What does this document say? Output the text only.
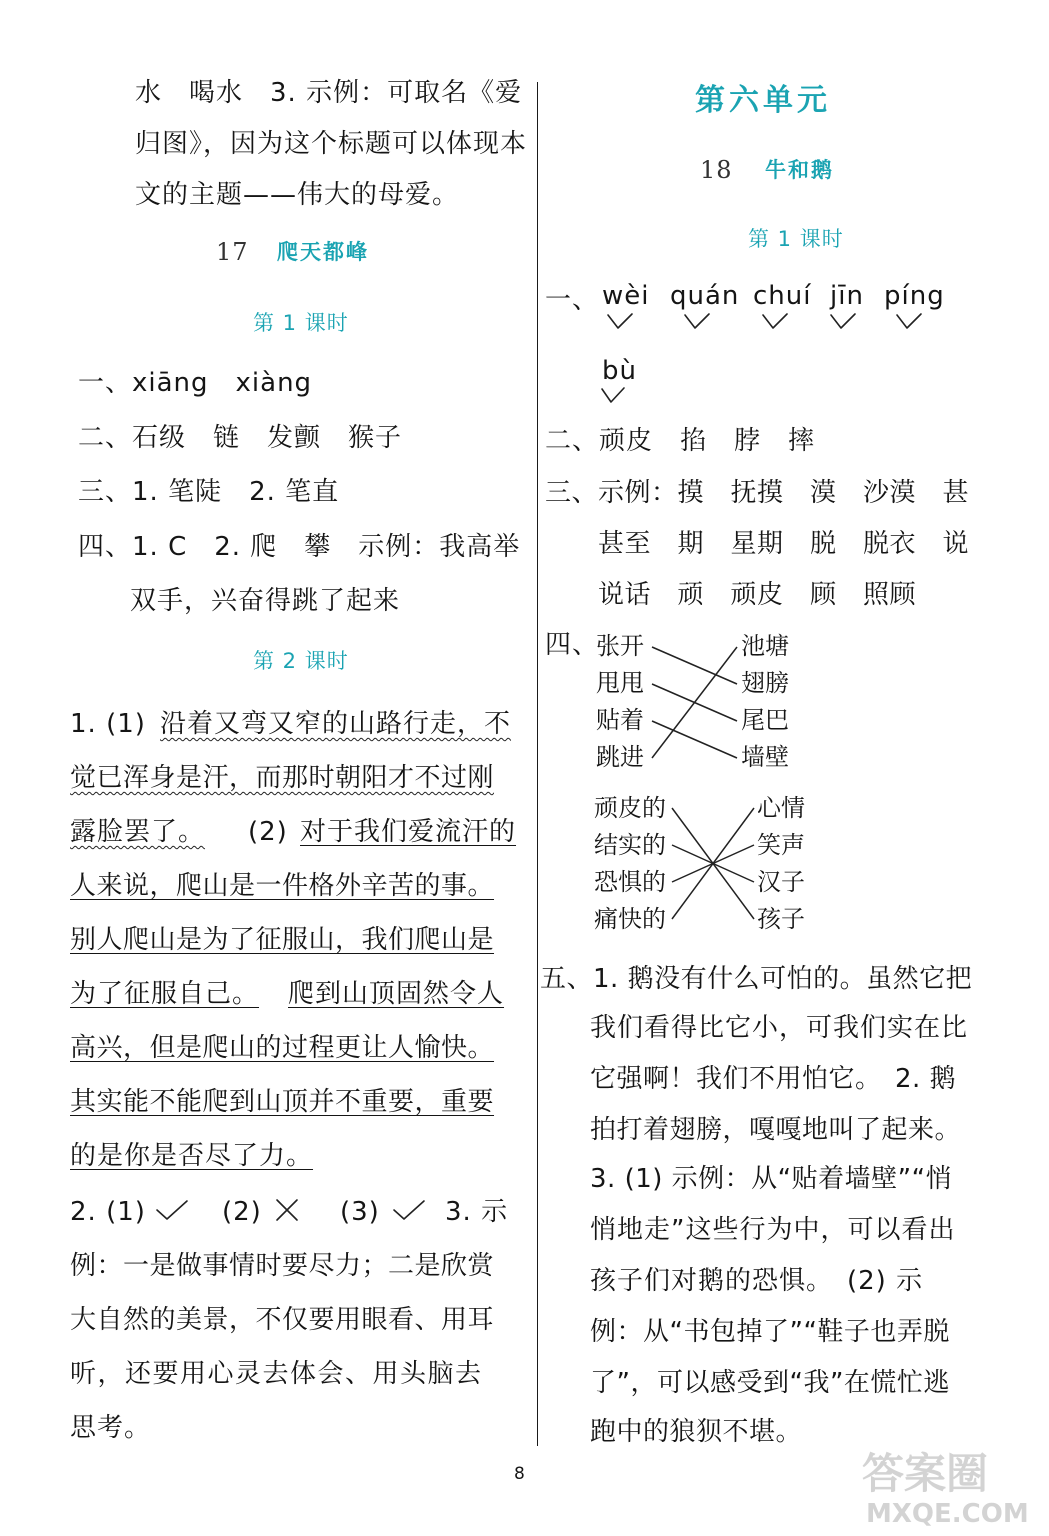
水　喝水　3. 示例：可取名《爱
归图》，因为这个标题可以体现本
文的主题——伟大的母爱。
17 爬天都峰
第 1 课时
一、xiāng　xiàng
二、石级　链　发颤　猴子
三、1. 笔陡　2. 笔直
四、1. C　2. 爬　攀　示例：我高举
双手，兴奋得跳了起来
第 2 课时
1. (1) 沿着又弯又窄的山路行走，不
觉已浑身是汗，而那时朝阳才不过刚
露脸罢了。 (2) 对于我们爱流汗的
人来说，爬山是一件格外辛苦的事。
别人爬山是为了征服山，我们爬山是
为了征服自己。 爬到山顶固然令人
高兴，但是爬山的过程更让人愉快。
其实能不能爬到山顶并不重要，重要
的是你是否尽了力。
2. (1)	(2)	(3)	3. 示
例：一是做事情时要尽力；二是欣赏
大自然的美景，不仅要用眼看、用耳
听，还要用心灵去体会、用头脑去
思考。
第六单元
18 牛和鹅
第 1 课时
一、 wèi quán chuí jīn píng
bù
二、顽皮　掐　脖　摔
三、示例：摸　抚摸　漠　沙漠　甚
甚至　期　星期　脱　脱衣　说
说话　顽　顽皮　顾　照顾
四、
张开
甩甩
贴着
跳进
池塘
翅膀
尾巴
墙壁
顽皮的
结实的
恐惧的
痛快的
心情
笑声
汉子
孩子
五、1. 鹅没有什么可怕的。虽然它把
我们看得比它小，可我们实在比
它强啊！我们不用怕它。　2. 鹅
拍打着翅膀，嘎嘎地叫了起来。
3. (1) 示例：从“贴着墙壁”“悄
悄地走”这些行为中，可以看出
孩子们对鹅的恐惧。　(2) 示
例：从“书包掉了”“鞋子也弄脱
了”，可以感受到“我”在慌忙逃
跑中的狼狈不堪。
8	答案圈
MXQE.COM
